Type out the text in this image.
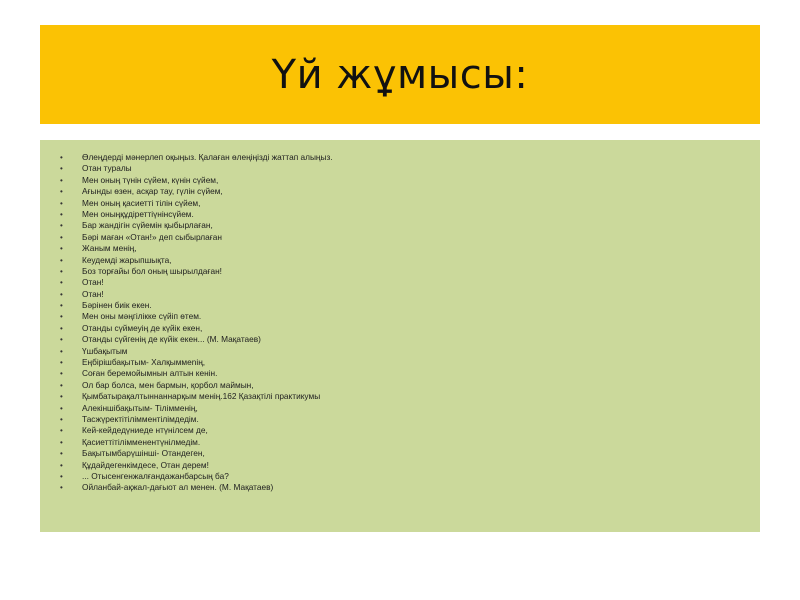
Үй жұмысы:
• Өлеңдерді мәнерлеп оқыңыз. Қалаған өлеңіңізді жаттап алыңыз.
• Отан туралы
• Мен оның түнін сүйем, күнін сүйем,
• Ағынды өзен, асқар тау, гүлін сүйем,
• Мен оның қасиетті тілін сүйем,
• Мен оныңқұдіреттіүнінсүйем.
• Бар жандігін сүйемін қыбырлаған,
• Бәрі маған «Отан!» деп сыбырлаған
• Жаным менің,
• Кеудемді жарыпшықта,
• Боз торғайы бол оның шырылдаған!
• Отан!
• Отан!
• Бәрінен биік екен.
• Мен оны мәңгілікке сүйіп өтем.
• Отанды сүймеуің де күйік екен,
• Отанды сүйгенің де күйік екен... (М. Мақатаев)
• Үшбақытым
• Еңбірішбақытым- Халқыммenің,
• Соған беремойымнын алтын кенін.
• Ол бар болса, мен бармын, қорбол маймын,
• Қымбатырақалтыннаннарқым менің.162 Қазақтілі практикумы
• Алекіншібақытым- Тілімменің,
• Тасжүректітілімментілімдедім.
• Кей-кейдедүниеде нтүнілсем де,
• Қасиеттітілімменентүнілмедім.
• Бақытымбарүшінші- Отандеген,
• Құдайдегенкімдесе, Отан дерем!
• ... Отысенгенжалғандажанбарсың ба?
• Ойланбай-ақжал-дағыот ал менен. (М. Мақатаев)
